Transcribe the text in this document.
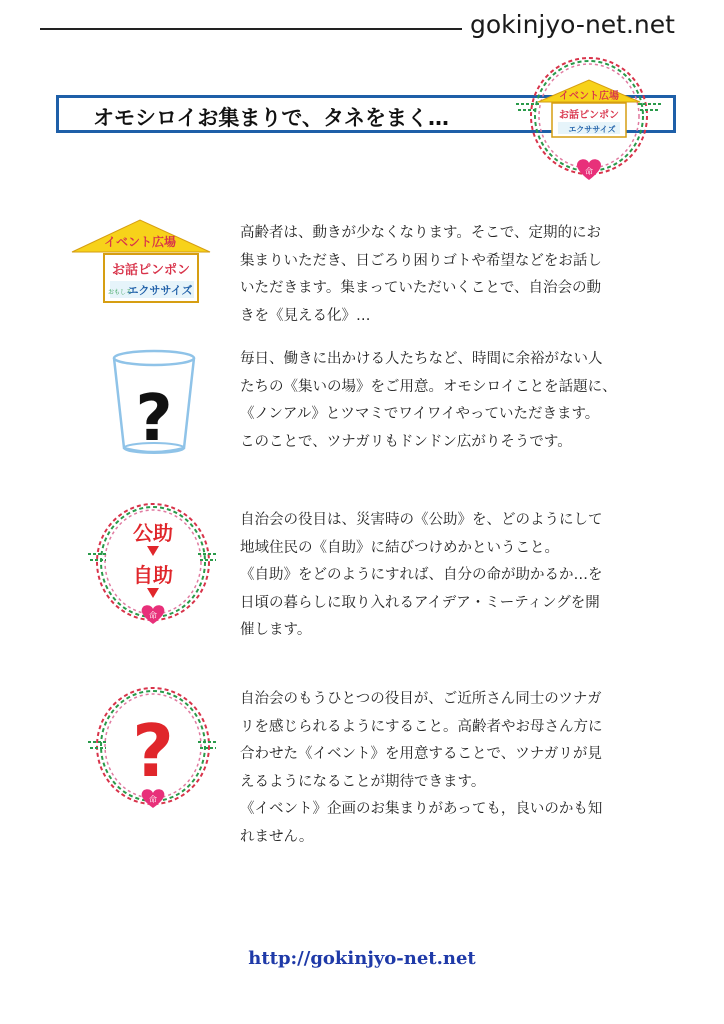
gokinjyo-net.net
オモシロイお集まりで、タネをまく…
イベント広場
お話ピンポン
エクササイズ
命
イベント広場
お話ピンポン
おもしろ
エクササイズ
?
公助
自助
命
?
命
高齢者は、動きが少なくなります。そこで、定期的にお
集まりいただき、日ごろり困りゴトや希望などをお話し
いただきます。集まっていただいくことで、自治会の動
きを《見える化》…
毎日、働きに出かける人たちなど、時間に余裕がない人
たちの《集いの場》をご用意。オモシロイことを話題に、
《ノンアル》とツマミでワイワイやっていただきます。
このことで、ツナガリもドンドン広がりそうです。
自治会の役目は、災害時の《公助》を、どのようにして
地域住民の《自助》に結びつけめかということ。
《自助》をどのようにすれば、自分の命が助かるか…を
日頃の暮らしに取り入れるアイデア・ミーティングを開
催します。
自治会のもうひとつの役目が、ご近所さん同士のツナガ
リを感じられるようにすること。高齢者やお母さん方に
合わせた《イベント》を用意することで、ツナガリが見
えるようになることが期待できます。
《イベント》企画のお集まりがあっても，良いのかも知
れません。
http://gokinjyo-net.net
